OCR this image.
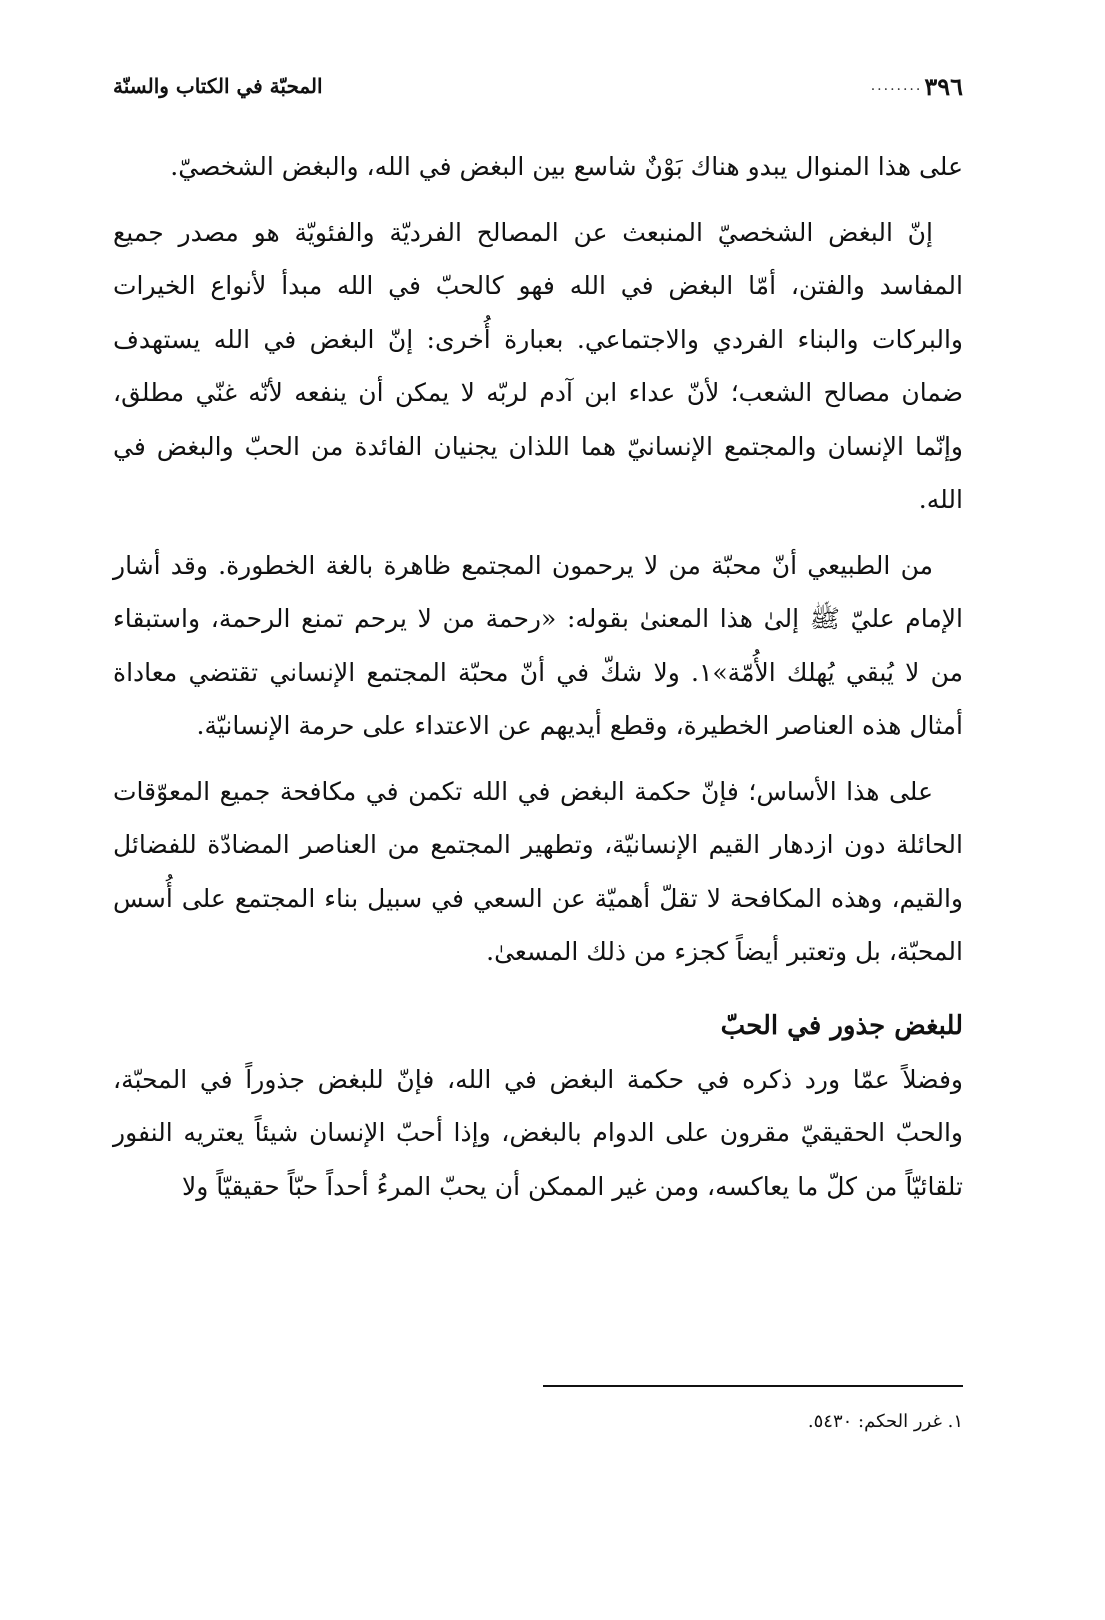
٣٩٦
........
المحبّة في الكتاب والسنّة

على هذا المنوال يبدو هناك بَوْنٌ شاسع بين البغض في الله، والبغض الشخصيّ.

إنّ البغض الشخصيّ المنبعث عن المصالح الفرديّة والفئويّة هو مصدر جميع المفاسد والفتن، أمّا البغض في الله فهو كالحبّ في الله مبدأ لأنواع الخيرات والبركات والبناء الفردي والاجتماعي. بعبارة أُخرى: إنّ البغض في الله يستهدف ضمان مصالح الشعب؛ لأنّ عداء ابن آدم لربّه لا يمكن أن ينفعه لأنّه غنّي مطلق، وإنّما الإنسان والمجتمع الإنسانيّ هما اللذان يجنيان الفائدة من الحبّ والبغض في الله.

من الطبيعي أنّ محبّة من لا يرحمون المجتمع ظاهرة بالغة الخطورة. وقد أشار الإمام عليّ ﷺ إلىٰ هذا المعنىٰ بقوله: «رحمة من لا يرحم تمنع الرحمة، واستبقاء من لا يُبقي يُهلك الأُمّة»١. ولا شكّ في أنّ محبّة المجتمع الإنساني تقتضي معاداة أمثال هذه العناصر الخطيرة، وقطع أيديهم عن الاعتداء على حرمة الإنسانيّة.

على هذا الأساس؛ فإنّ حكمة البغض في الله تكمن في مكافحة جميع المعوّقات الحائلة دون ازدهار القيم الإنسانيّة، وتطهير المجتمع من العناصر المضادّة للفضائل والقيم، وهذه المكافحة لا تقلّ أهميّة عن السعي في سبيل بناء المجتمع على أُسس المحبّة، بل وتعتبر أيضاً كجزء من ذلك المسعىٰ.

للبغض جذور في الحبّ

وفضلاً عمّا ورد ذكره في حكمة البغض في الله، فإنّ للبغض جذوراً في المحبّة، والحبّ الحقيقيّ مقرون على الدوام بالبغض، وإذا أحبّ الإنسان شيئاً يعتريه النفور تلقائيّاً من كلّ ما يعاكسه، ومن غير الممكن أن يحبّ المرءُ أحداً حبّاً حقيقيّاً ولا

١. غرر الحكم: ٥٤٣٠.
